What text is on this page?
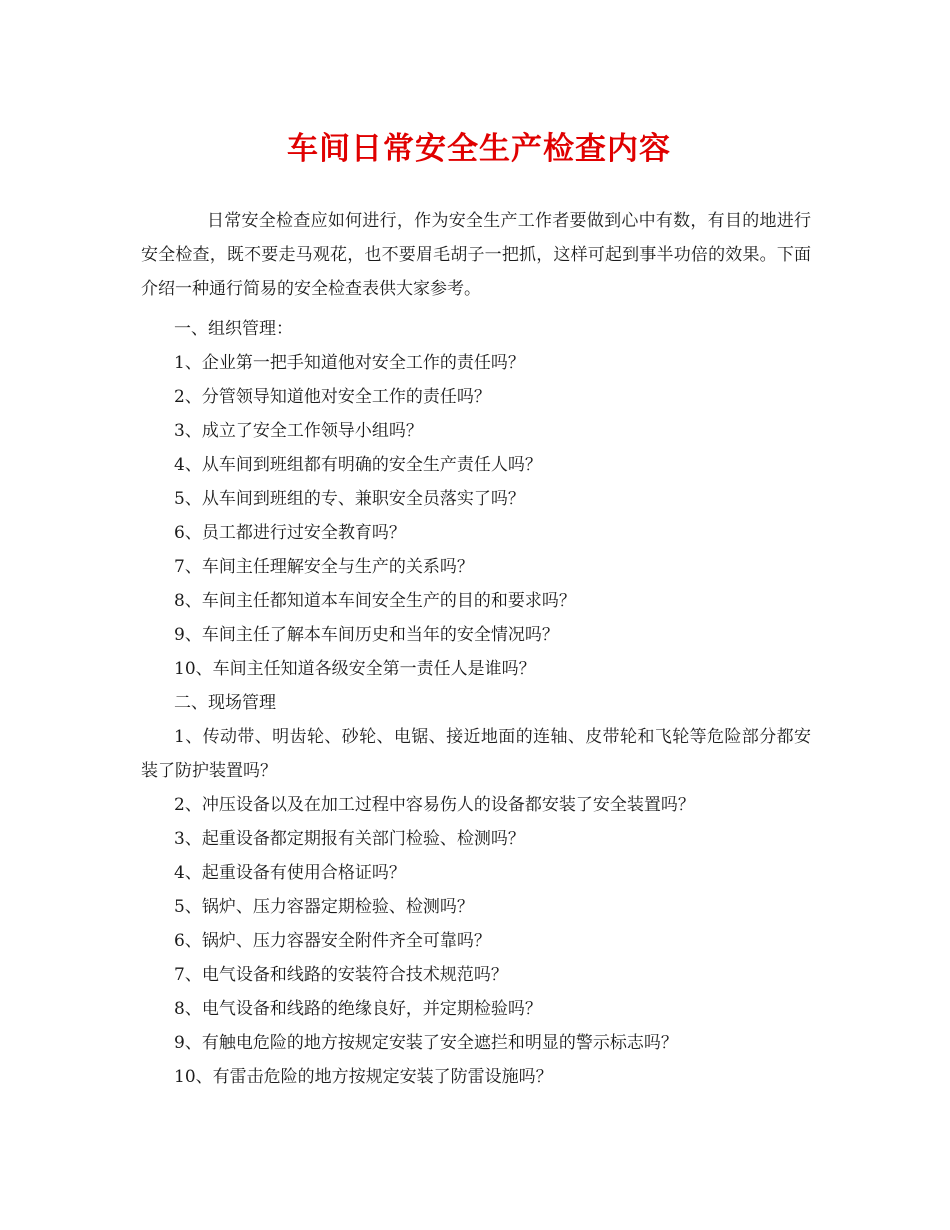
车间日常安全生产检查内容

日常安全检查应如何进行，作为安全生产工作者要做到心中有数，有目的地进行安全检查，既不要走马观花，也不要眉毛胡子一把抓，这样可起到事半功倍的效果。下面介绍一种通行简易的安全检查表供大家参考。

一、组织管理：
1、企业第一把手知道他对安全工作的责任吗？
2、分管领导知道他对安全工作的责任吗？
3、成立了安全工作领导小组吗？
4、从车间到班组都有明确的安全生产责任人吗？
5、从车间到班组的专、兼职安全员落实了吗？
6、员工都进行过安全教育吗？
7、车间主任理解安全与生产的关系吗？
8、车间主任都知道本车间安全生产的目的和要求吗？
9、车间主任了解本车间历史和当年的安全情况吗？
10、车间主任知道各级安全第一责任人是谁吗？
二、现场管理
1、传动带、明齿轮、砂轮、电锯、接近地面的连轴、皮带轮和飞轮等危险部分都安装了防护装置吗？
2、冲压设备以及在加工过程中容易伤人的设备都安装了安全装置吗？
3、起重设备都定期报有关部门检验、检测吗？
4、起重设备有使用合格证吗？
5、锅炉、压力容器定期检验、检测吗？
6、锅炉、压力容器安全附件齐全可靠吗？
7、电气设备和线路的安装符合技术规范吗？
8、电气设备和线路的绝缘良好，并定期检验吗？
9、有触电危险的地方按规定安装了安全遮拦和明显的警示标志吗？
10、有雷击危险的地方按规定安装了防雷设施吗？
